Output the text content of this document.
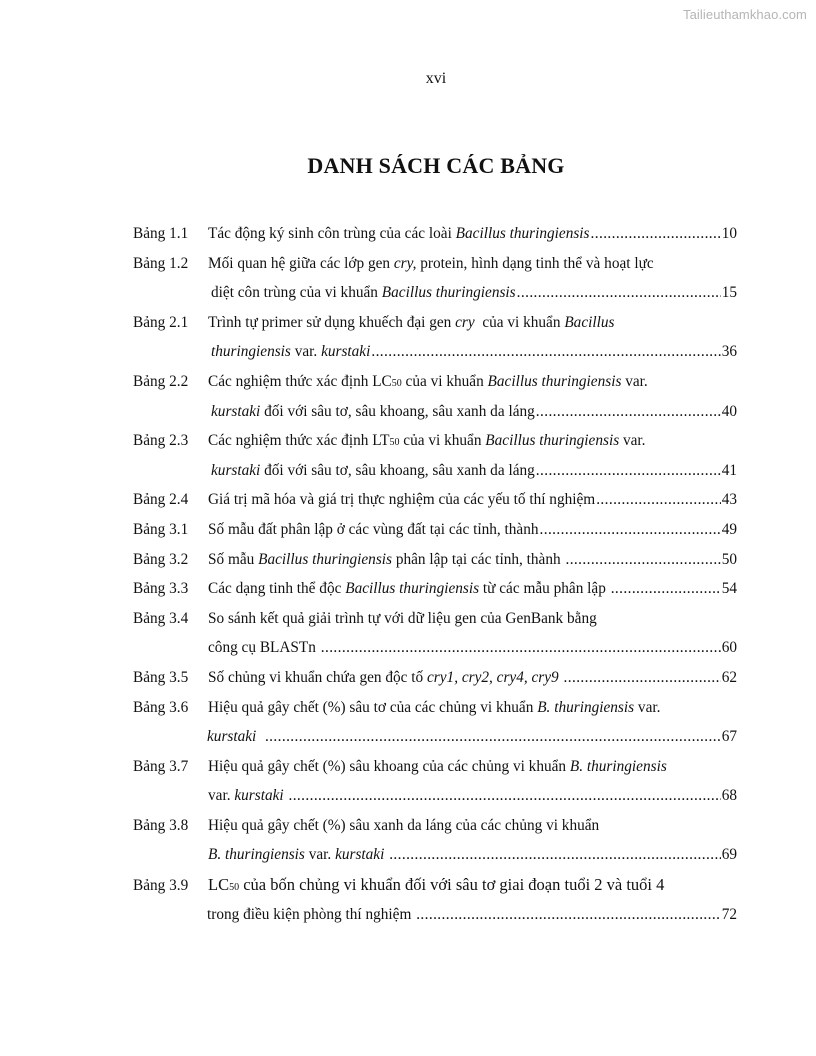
Tailieuthamkhao.com
xvi
DANH SÁCH CÁC BẢNG
Bảng 1.1	Tác động ký sinh côn trùng của các loài Bacillus thuringiensis .....	10
Bảng 1.2	Mối quan hệ giữa các lớp gen cry, protein, hình dạng tinh thể và hoạt lực
diệt côn trùng của vi khuẩn Bacillus thuringiensis .....	15
Bảng 2.1	Trình tự primer sử dụng khuếch đại gen cry của vi khuẩn Bacillus
thuringiensis var. kurstaki .....	36
Bảng 2.2	Các nghiệm thức xác định LC 50 của vi khuẩn Bacillus thuringiensis var.
kurstaki đối với sâu tơ, sâu khoang, sâu xanh da láng .....	40
Bảng 2.3	Các nghiệm thức xác định LT 50 của vi khuẩn Bacillus thuringiensis var.
kurstaki đối với sâu tơ, sâu khoang, sâu xanh da láng .....	41
Bảng 2.4	Giá trị mã hóa và giá trị thực nghiệm của các yếu tố thí nghiệm .....	43
Bảng 3.1	Số mẫu đất phân lập ở các vùng đất tại các tỉnh, thành .....	49
Bảng 3.2	Số mẫu Bacillus thuringiensis phân lập tại các tỉnh, thành .....	50
Bảng 3.3	Các dạng tinh thể độc Bacillus thuringiensis từ các mẫu phân lập .....	54
Bảng 3.4	So sánh kết quả giải trình tự với dữ liệu gen của GenBank bằng
công cụ BLASTn .....	60
Bảng 3.5	Số chủng vi khuẩn chứa gen độc tố cry1, cry2, cry4, cry9
.....	62
Bảng 3.6	Hiệu quả gây chết (%) sâu tơ của các chủng vi khuẩn B. thuringiensis var.
kurstaki
.....	67
Bảng 3.7	Hiệu quả gây chết (%) sâu khoang của các chủng vi khuẩn B. thuringiensis
var. kurstaki
.....	68
Bảng 3.8	Hiệu quả gây chết (%) sâu xanh da láng của các chủng vi khuẩn
B. thuringiensis var. kurstaki
.....	69
Bảng 3.9	LC 50 của bốn chủng vi khuẩn đối với sâu tơ giai đoạn tuổi 2 và tuổi 4
trong điều kiện phòng thí nghiệm .....	72
